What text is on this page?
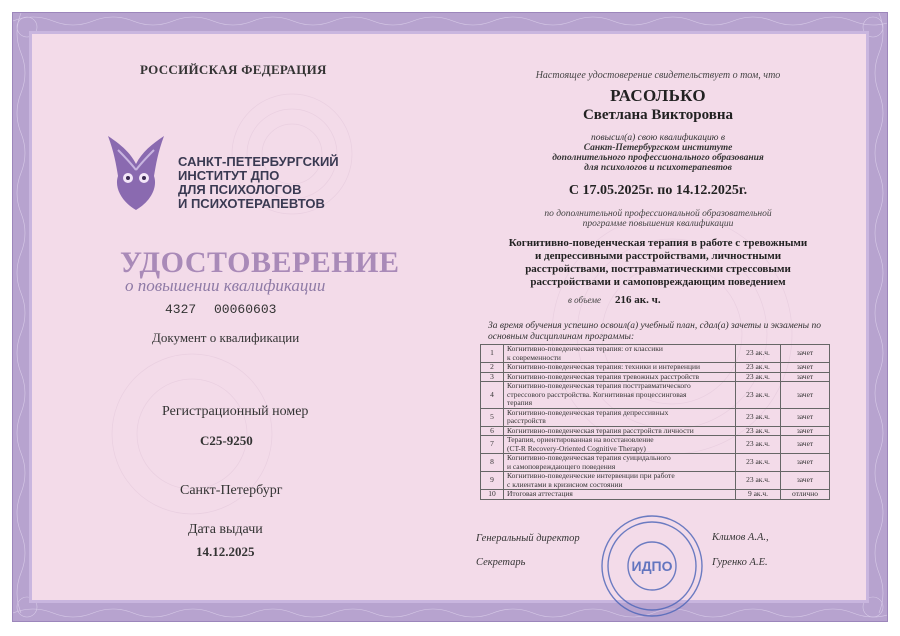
РОССИЙСКАЯ ФЕДЕРАЦИЯ
САНКТ-ПЕТЕРБУРГСКИЙ
ИНСТИТУТ ДПО
ДЛЯ ПСИХОЛОГОВ
И ПСИХОТЕРАПЕВТОВ
УДОСТОВЕРЕНИЕ
о повышении квалификации
4327 00060603
Документ о квалификации
Регистрационный номер
С25-9250
Санкт-Петербург
Дата выдачи
14.12.2025
Настоящее удостоверение свидетельствует о том, что
РАСОЛЬКО
Светлана Викторовна
повысил(а) свою квалификацию в
Санкт-Петербургском институте
дополнительного профессионального образования
для психологов и психотерапевтов
С 17.05.2025г. по 14.12.2025г.
по дополнительной профессиональной образовательной
программе повышения квалификации
Когнитивно-поведенческая терапия в работе с тревожными
и депрессивными расстройствами, личностными
расстройствами, посттравматическими стрессовыми
расстройствами и самоповреждающим поведением
в объеме 216 ак. ч.
За время обучения успешно освоил(а) учебный план, сдал(а) зачеты и экзамены по основным дисциплинам программы:
1	Когнитивно-поведенческая терапия: от классики
к современности	23 ак.ч.	зачет
2	Когнитивно-поведенческая терапия: техники и интервенции	23 ак.ч.	зачет
3	Когнитивно-поведенческая терапия тревожных расстройств	23 ак.ч.	зачет
4	Когнитивно-поведенческая терапия посттравматического
стрессового расстройства. Когнитивная процессинговая
терапия	23 ак.ч.	зачет
5	Когнитивно-поведенческая терапия депрессивных
расстройств	23 ак.ч.	зачет
6	Когнитивно-поведенческая терапия расстройств личности	23 ак.ч.	зачет
7	Терапия, ориентированная на восстановление
(CT-R Recovery-Oriented Cognitive Therapy)	23 ак.ч.	зачет
8	Когнитивно-поведенческая терапия суицидального
и самоповреждающего поведения	23 ак.ч.	зачет
9	Когнитивно-поведенческие интервенции при работе
с клиентами в кризисном состоянии	23 ак.ч.	зачет
10	Итоговая аттестация	9 ак.ч.	отлично
Генеральный директор	Климов А.А.,
Секретарь	Гуренко А.Е.
ИДПО
